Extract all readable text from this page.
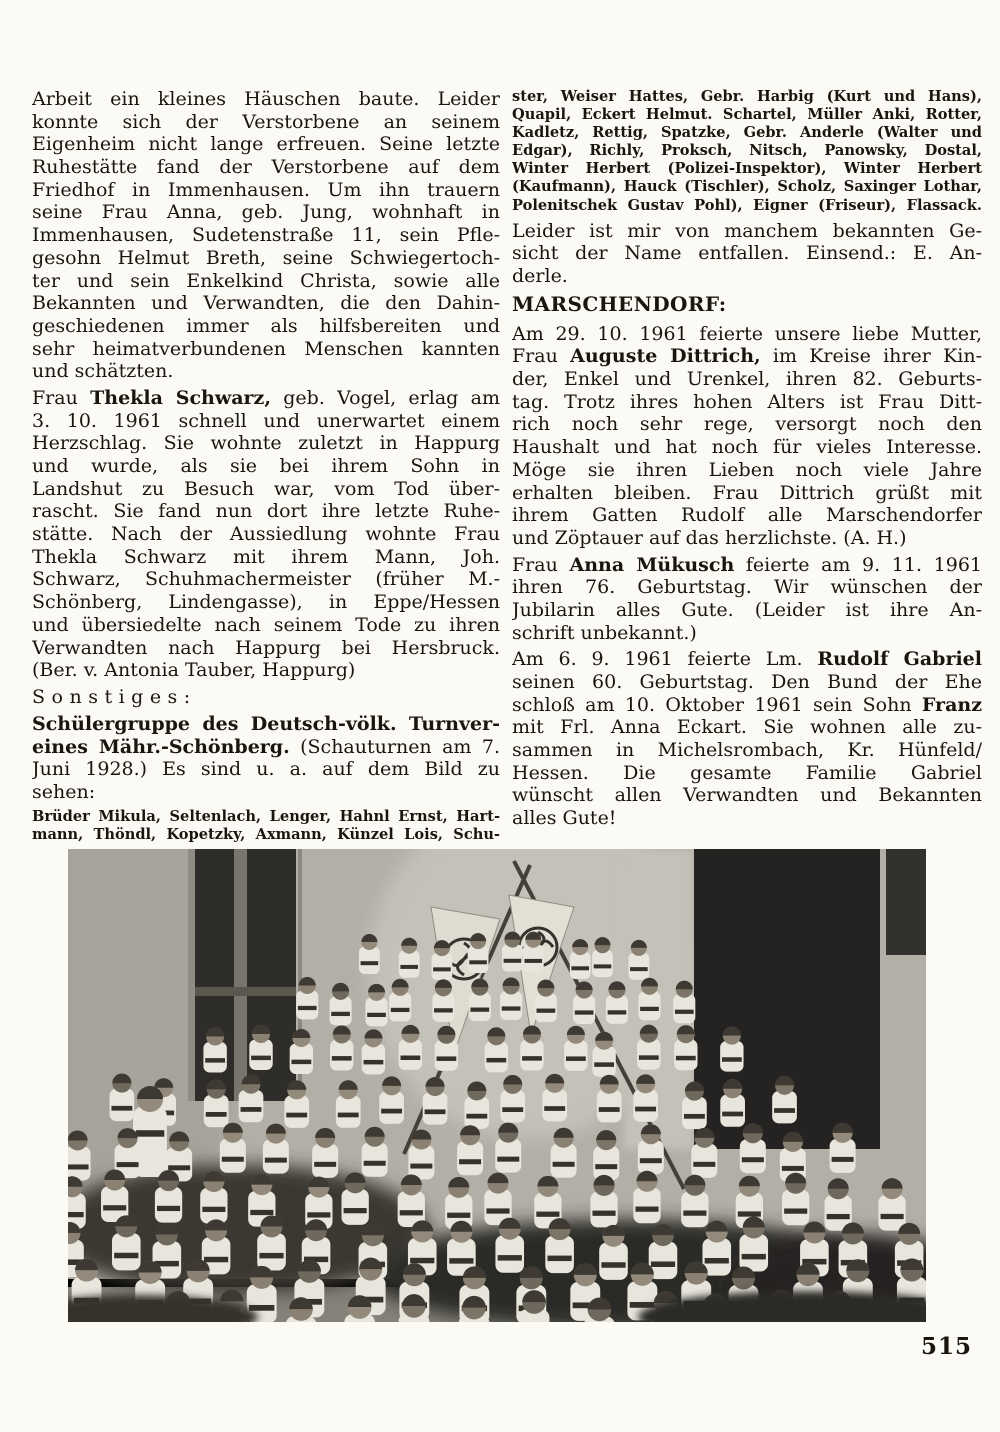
Arbeit ein kleines Häuschen baute. Leider
konnte sich der Verstorbene an seinem
Eigenheim nicht lange erfreuen. Seine letzte
Ruhestätte fand der Verstorbene auf dem
Friedhof in Immenhausen. Um ihn trauern
seine Frau Anna, geb. Jung, wohnhaft in
Immenhausen, Sudetenstraße 11, sein Pfle-
gesohn Helmut Breth, seine Schwiegertoch-
ter und sein Enkelkind Christa, sowie alle
Bekannten und Verwandten, die den Dahin-
geschiedenen immer als hilfsbereiten und
sehr heimatverbundenen Menschen kannten
und schätzten.

Frau Thekla Schwarz, geb. Vogel, erlag am
3. 10. 1961 schnell und unerwartet einem
Herzschlag. Sie wohnte zuletzt in Happurg
und wurde, als sie bei ihrem Sohn in
Landshut zu Besuch war, vom Tod über-
rascht. Sie fand nun dort ihre letzte Ruhe-
stätte. Nach der Aussiedlung wohnte Frau
Thekla Schwarz mit ihrem Mann, Joh.
Schwarz, Schuhmachermeister (früher M.-
Schönberg, Lindengasse), in Eppe/Hessen
und übersiedelte nach seinem Tode zu ihren
Verwandten nach Happurg bei Hersbruck.
(Ber. v. Antonia Tauber, Happurg)

Sonstiges:

Schülergruppe des Deutsch-völk. Turnver-
eines Mähr.-Schönberg. (Schauturnen am 7.
Juni 1928.) Es sind u. a. auf dem Bild zu
sehen:

Brüder Mikula, Seltenlach, Lenger, Hahnl Ernst, Hart-
mann, Thöndl, Kopetzky, Axmann, Künzel Lois, Schu-

ster, Weiser Hattes, Gebr. Harbig (Kurt und Hans),
Quapil, Eckert Helmut. Schartel, Müller Anki, Rotter,
Kadletz, Rettig, Spatzke, Gebr. Anderle (Walter und
Edgar), Richly, Proksch, Nitsch, Panowsky, Dostal,
Winter Herbert (Polizei-Inspektor), Winter Herbert
(Kaufmann), Hauck (Tischler), Scholz, Saxinger Lothar,
Polenitschek Gustav Pohl), Eigner (Friseur), Flassack.

Leider ist mir von manchem bekannten Ge-
sicht der Name entfallen. Einsend.: E. An-
derle.

MARSCHENDORF:

Am 29. 10. 1961 feierte unsere liebe Mutter,
Frau Auguste Dittrich, im Kreise ihrer Kin-
der, Enkel und Urenkel, ihren 82. Geburts-
tag. Trotz ihres hohen Alters ist Frau Ditt-
rich noch sehr rege, versorgt noch den
Haushalt und hat noch für vieles Interesse.
Möge sie ihren Lieben noch viele Jahre
erhalten bleiben. Frau Dittrich grüßt mit
ihrem Gatten Rudolf alle Marschendorfer
und Zöptauer auf das herzlichste. (A. H.)

Frau Anna Mükusch feierte am 9. 11. 1961
ihren 76. Geburtstag. Wir wünschen der
Jubilarin alles Gute. (Leider ist ihre An-
schrift unbekannt.)

Am 6. 9. 1961 feierte Lm. Rudolf Gabriel
seinen 60. Geburtstag. Den Bund der Ehe
schloß am 10. Oktober 1961 sein Sohn Franz
mit Frl. Anna Eckart. Sie wohnen alle zu-
sammen in Michelsrombach, Kr. Hünfeld/
Hessen. Die gesamte Familie Gabriel
wünscht allen Verwandten und Bekannten
alles Gute!

515
